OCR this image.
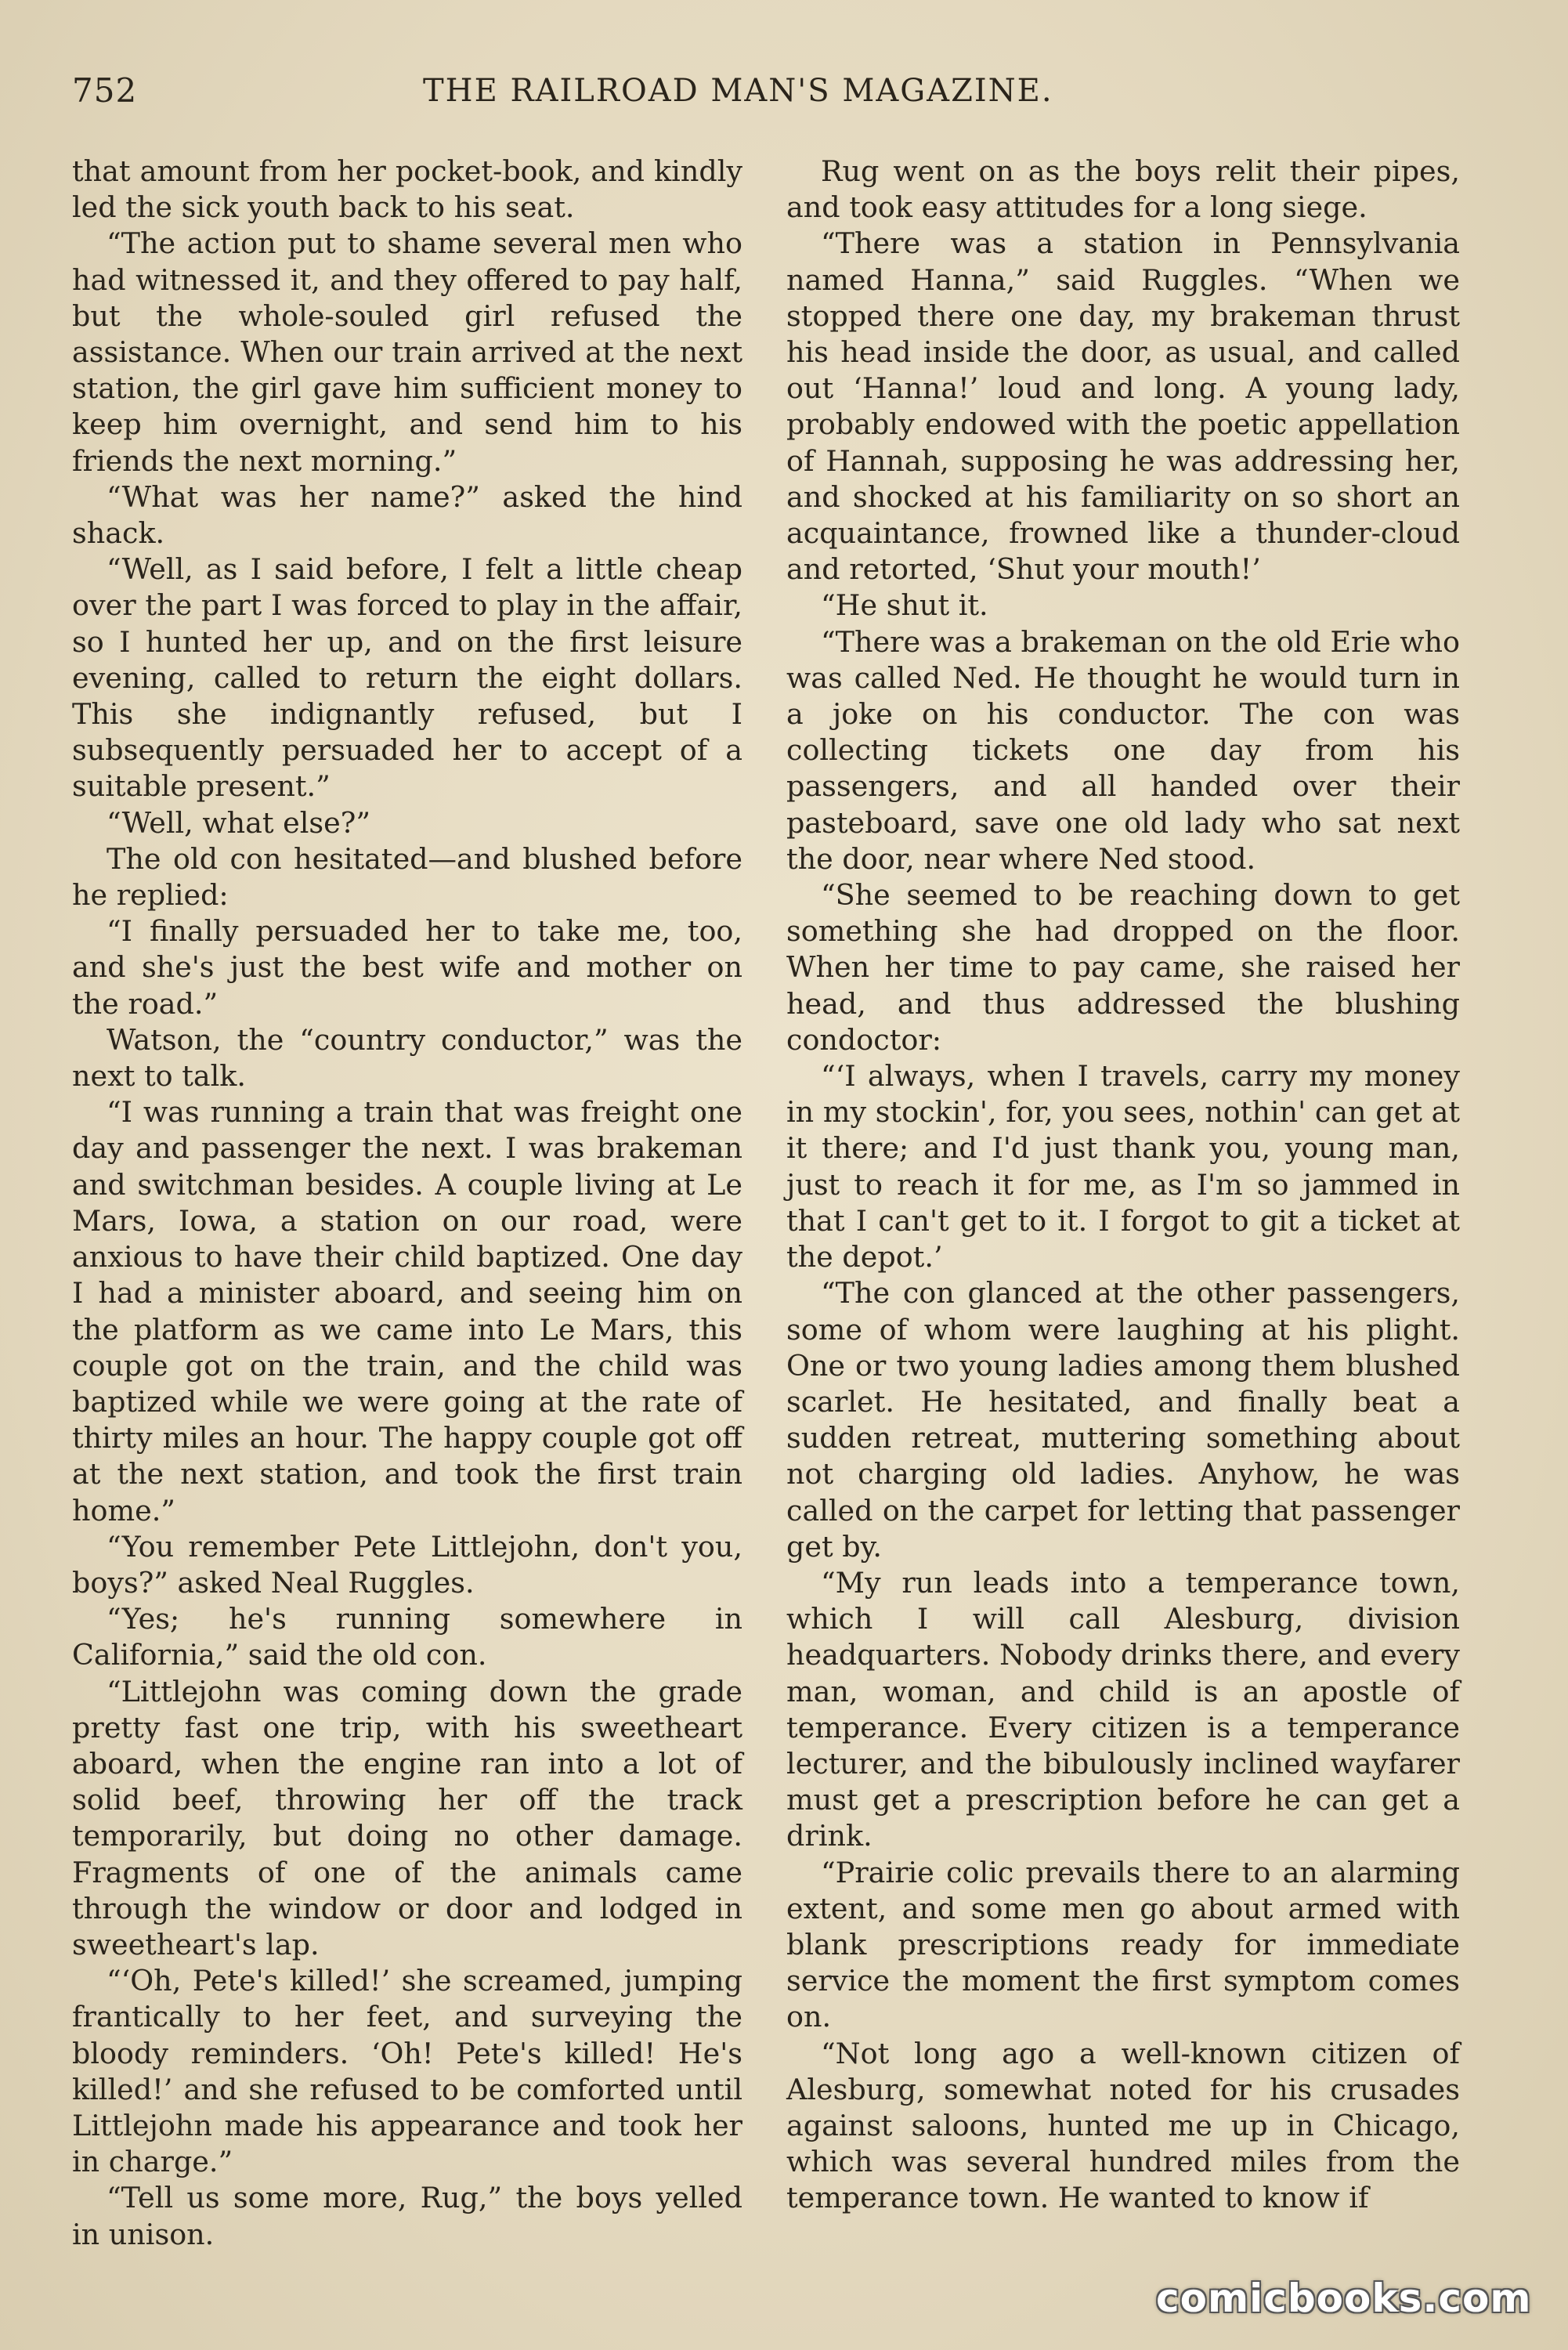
752	THE RAILROAD MAN'S MAGAZINE.

that amount from her pocket-book, and kindly led the sick youth back to his seat.

“The action put to shame several men who had witnessed it, and they offered to pay half, but the whole-souled girl refused the assistance. When our train arrived at the next station, the girl gave him sufficient money to keep him overnight, and send him to his friends the next morning.”

“What was her name?” asked the hind shack.

“Well, as I said before, I felt a little cheap over the part I was forced to play in the affair, so I hunted her up, and on the first leisure evening, called to return the eight dollars. This she indignantly refused, but I subsequently persuaded her to accept of a suitable present.”

“Well, what else?”

The old con hesitated—and blushed before he replied:

“I finally persuaded her to take me, too, and she's just the best wife and mother on the road.”

Watson, the “country conductor,” was the next to talk.

“I was running a train that was freight one day and passenger the next. I was brakeman and switchman besides. A couple living at Le Mars, Iowa, a station on our road, were anxious to have their child baptized. One day I had a minister aboard, and seeing him on the platform as we came into Le Mars, this couple got on the train, and the child was baptized while we were going at the rate of thirty miles an hour. The happy couple got off at the next station, and took the first train home.”

“You remember Pete Littlejohn, don't you, boys?” asked Neal Ruggles.

“Yes; he's running somewhere in California,” said the old con.

“Littlejohn was coming down the grade pretty fast one trip, with his sweetheart aboard, when the engine ran into a lot of solid beef, throwing her off the track temporarily, but doing no other damage. Fragments of one of the animals came through the window or door and lodged in sweetheart's lap.

“‘Oh, Pete's killed!’ she screamed, jumping frantically to her feet, and surveying the bloody reminders. ‘Oh! Pete's killed! He's killed!’ and she refused to be comforted until Littlejohn made his appearance and took her in charge.”

“Tell us some more, Rug,” the boys yelled in unison.

Rug went on as the boys relit their pipes, and took easy attitudes for a long siege.

“There was a station in Pennsylvania named Hanna,” said Ruggles. “When we stopped there one day, my brakeman thrust his head inside the door, as usual, and called out ‘Hanna!’ loud and long. A young lady, probably endowed with the poetic appellation of Hannah, supposing he was addressing her, and shocked at his familiarity on so short an acquaintance, frowned like a thunder-cloud and retorted, ‘Shut your mouth!’

“He shut it.

“There was a brakeman on the old Erie who was called Ned. He thought he would turn in a joke on his conductor. The con was collecting tickets one day from his passengers, and all handed over their pasteboard, save one old lady who sat next the door, near where Ned stood.

“She seemed to be reaching down to get something she had dropped on the floor. When her time to pay came, she raised her head, and thus addressed the blushing condoctor:

“‘I always, when I travels, carry my money in my stockin', for, you sees, nothin' can get at it there; and I'd just thank you, young man, just to reach it for me, as I'm so jammed in that I can't get to it. I forgot to git a ticket at the depot.’

“The con glanced at the other passengers, some of whom were laughing at his plight. One or two young ladies among them blushed scarlet. He hesitated, and finally beat a sudden retreat, muttering something about not charging old ladies. Anyhow, he was called on the carpet for letting that passenger get by.

“My run leads into a temperance town, which I will call Alesburg, division headquarters. Nobody drinks there, and every man, woman, and child is an apostle of temperance. Every citizen is a temperance lecturer, and the bibulously inclined wayfarer must get a prescription before he can get a drink.

“Prairie colic prevails there to an alarming extent, and some men go about armed with blank prescriptions ready for immediate service the moment the first symptom comes on.

“Not long ago a well-known citizen of Alesburg, somewhat noted for his crusades against saloons, hunted me up in Chicago, which was several hundred miles from the temperance town. He wanted to know if

comicbooks.com
